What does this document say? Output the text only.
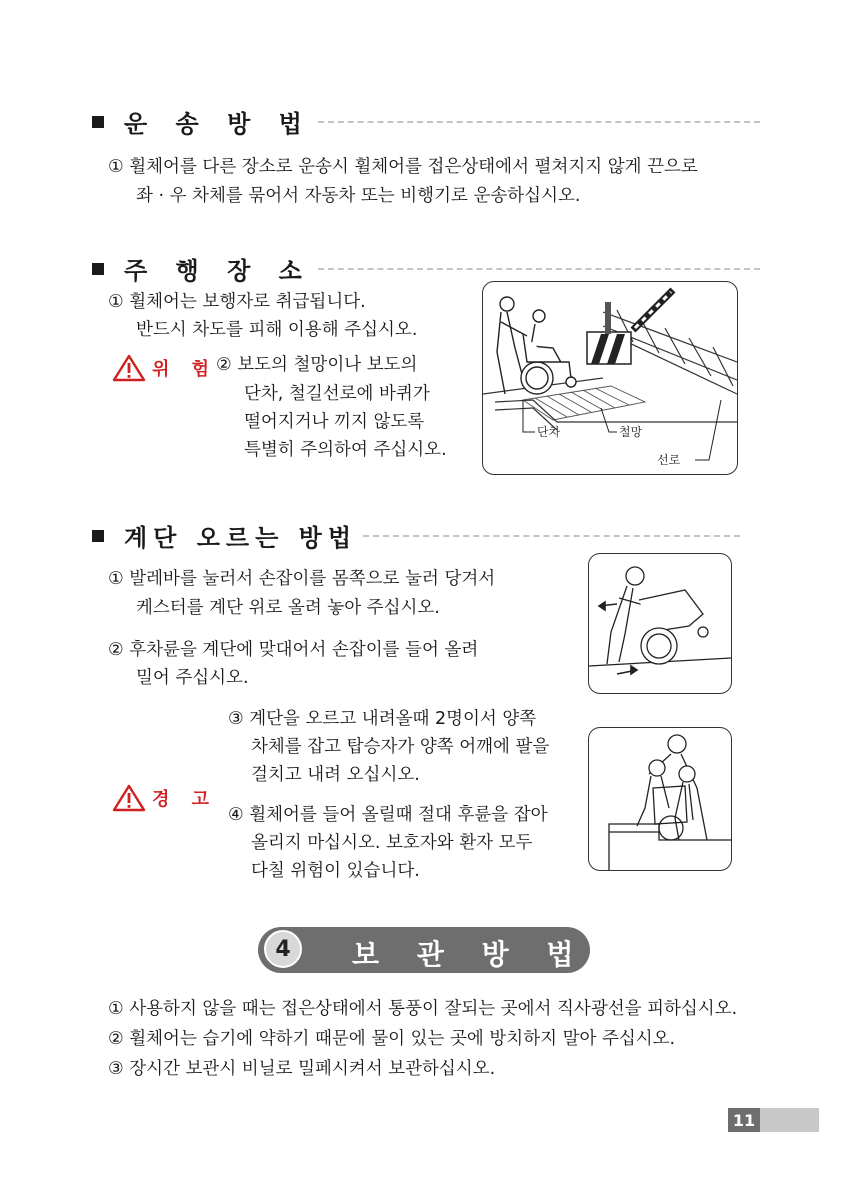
운 송 방 법
① 휠체어를 다른 장소로 운송시 휠체어를 접은상태에서 펼쳐지지 않게 끈으로
좌 · 우 차체를 묶어서 자동차 또는 비행기로 운송하십시오.
주 행 장 소
① 휠체어는 보행자로 취급됩니다.
반드시 차도를 피해 이용해 주십시오.
위 험
② 보도의 철망이나 보도의
단차, 철길선로에 바퀴가
떨어지거나 끼지 않도록
특별히 주의하여 주십시오.
단차	철망
선로
계단 오르는 방법
① 발레바를 눌러서 손잡이를 몸쪽으로 눌러 당겨서
케스터를 계단 위로 올려 놓아 주십시오.
② 후차륜을 계단에 맞대어서 손잡이를 들어 올려
밀어 주십시오.
③ 계단을 오르고 내려올때 2명이서 양쪽
차체를 잡고 탑승자가 양쪽 어깨에 팔을
걸치고 내려 오십시오.
경 고
④ 휠체어를 들어 올릴때 절대 후륜을 잡아
올리지 마십시오. 보호자와 환자 모두
다칠 위험이 있습니다.
4	보 관 방 법
① 사용하지 않을 때는 접은상태에서 통풍이 잘되는 곳에서 직사광선을 피하십시오.
② 휠체어는 습기에 약하기 때문에 물이 있는 곳에 방치하지 말아 주십시오.
③ 장시간 보관시 비닐로 밀페시켜서 보관하십시오.
11
